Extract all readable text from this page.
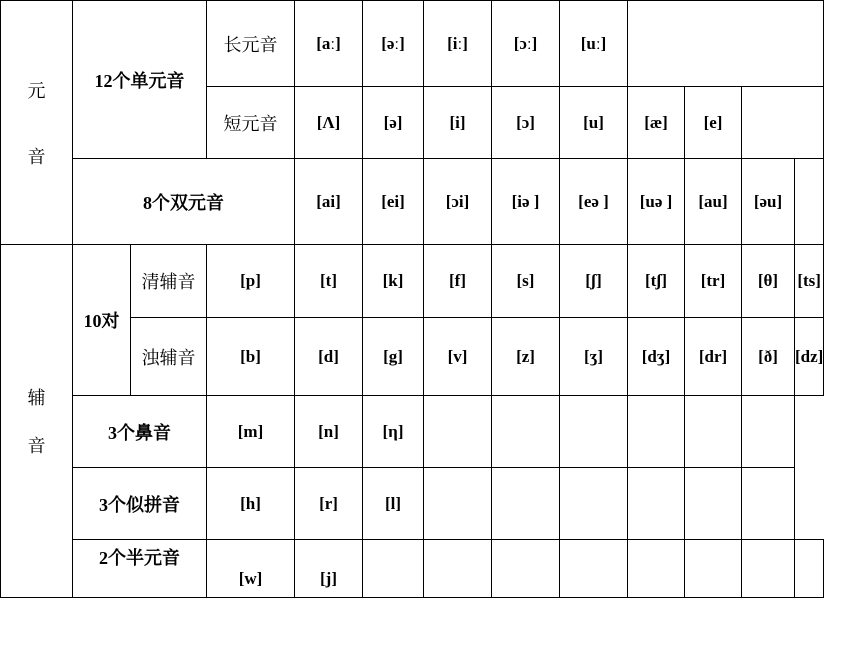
元
音	12个单元音		长元音	[aː]	[əː]	[iː]	[ɔː]	[uː]				
			短元音	[Λ]	[ə]	[i]	[ɔ]	[u]	[æ]	[e]		
	8个双元音			[ai]	[ei]	[ɔi]	[iə ]	[eə ]	[uə ]	[au]	[əu]	

辅
音	10对	清辅音	[p]	[t]	[k]	[f]	[s]	[ʃ]	[tʃ]	[tr]	[θ]	[ts]
		浊辅音	[b]	[d]	[g]	[v]	[z]	[ʒ]	[dʒ]	[dr]	[ð]	[dz]
	3个鼻音		[m]	[n]	[η]							
	3个似拼音		[h]	[r]	[l]							
	2个半元音		[w]	[j]								
